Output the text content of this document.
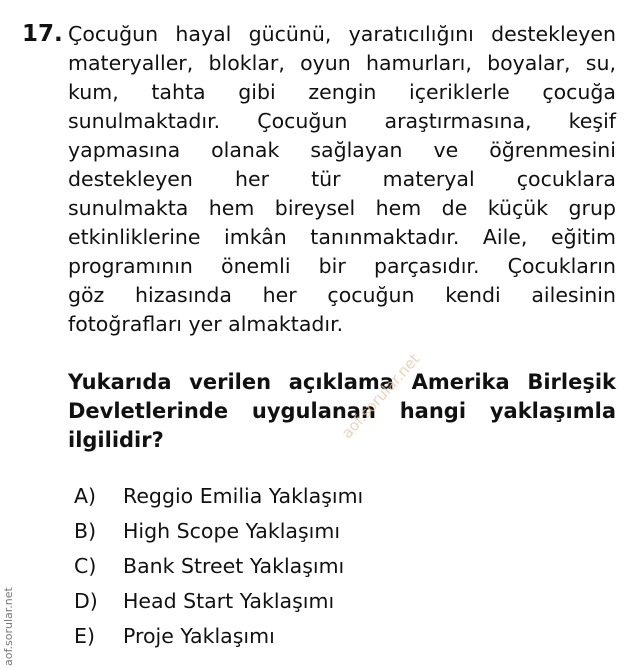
17. Çocuğun hayal gücünü, yaratıcılığını destekleyen
materyaller, bloklar, oyun hamurları, boyalar, su,
kum, tahta gibi zengin içeriklerle çocuğa
sunulmaktadır. Çocuğun araştırmasına, keşif
yapmasına olanak sağlayan ve öğrenmesini
destekleyen her tür materyal çocuklara
sunulmakta hem bireysel hem de küçük grup
etkinliklerine imkân tanınmaktadır. Aile, eğitim
programının önemli bir parçasıdır. Çocukların
göz hizasında her çocuğun kendi ailesinin
fotoğrafları yer almaktadır.
Yukarıda verilen açıklama Amerika Birleşik
Devletlerinde uygulanan hangi yaklaşımla
ilgilidir?
A)	Reggio Emilia Yaklaşımı
B)	High Scope Yaklaşımı
C)	Bank Street Yaklaşımı
D)	Head Start Yaklaşımı
E)	Proje Yaklaşımı
aof.sorular.net
aof.sorular.net
